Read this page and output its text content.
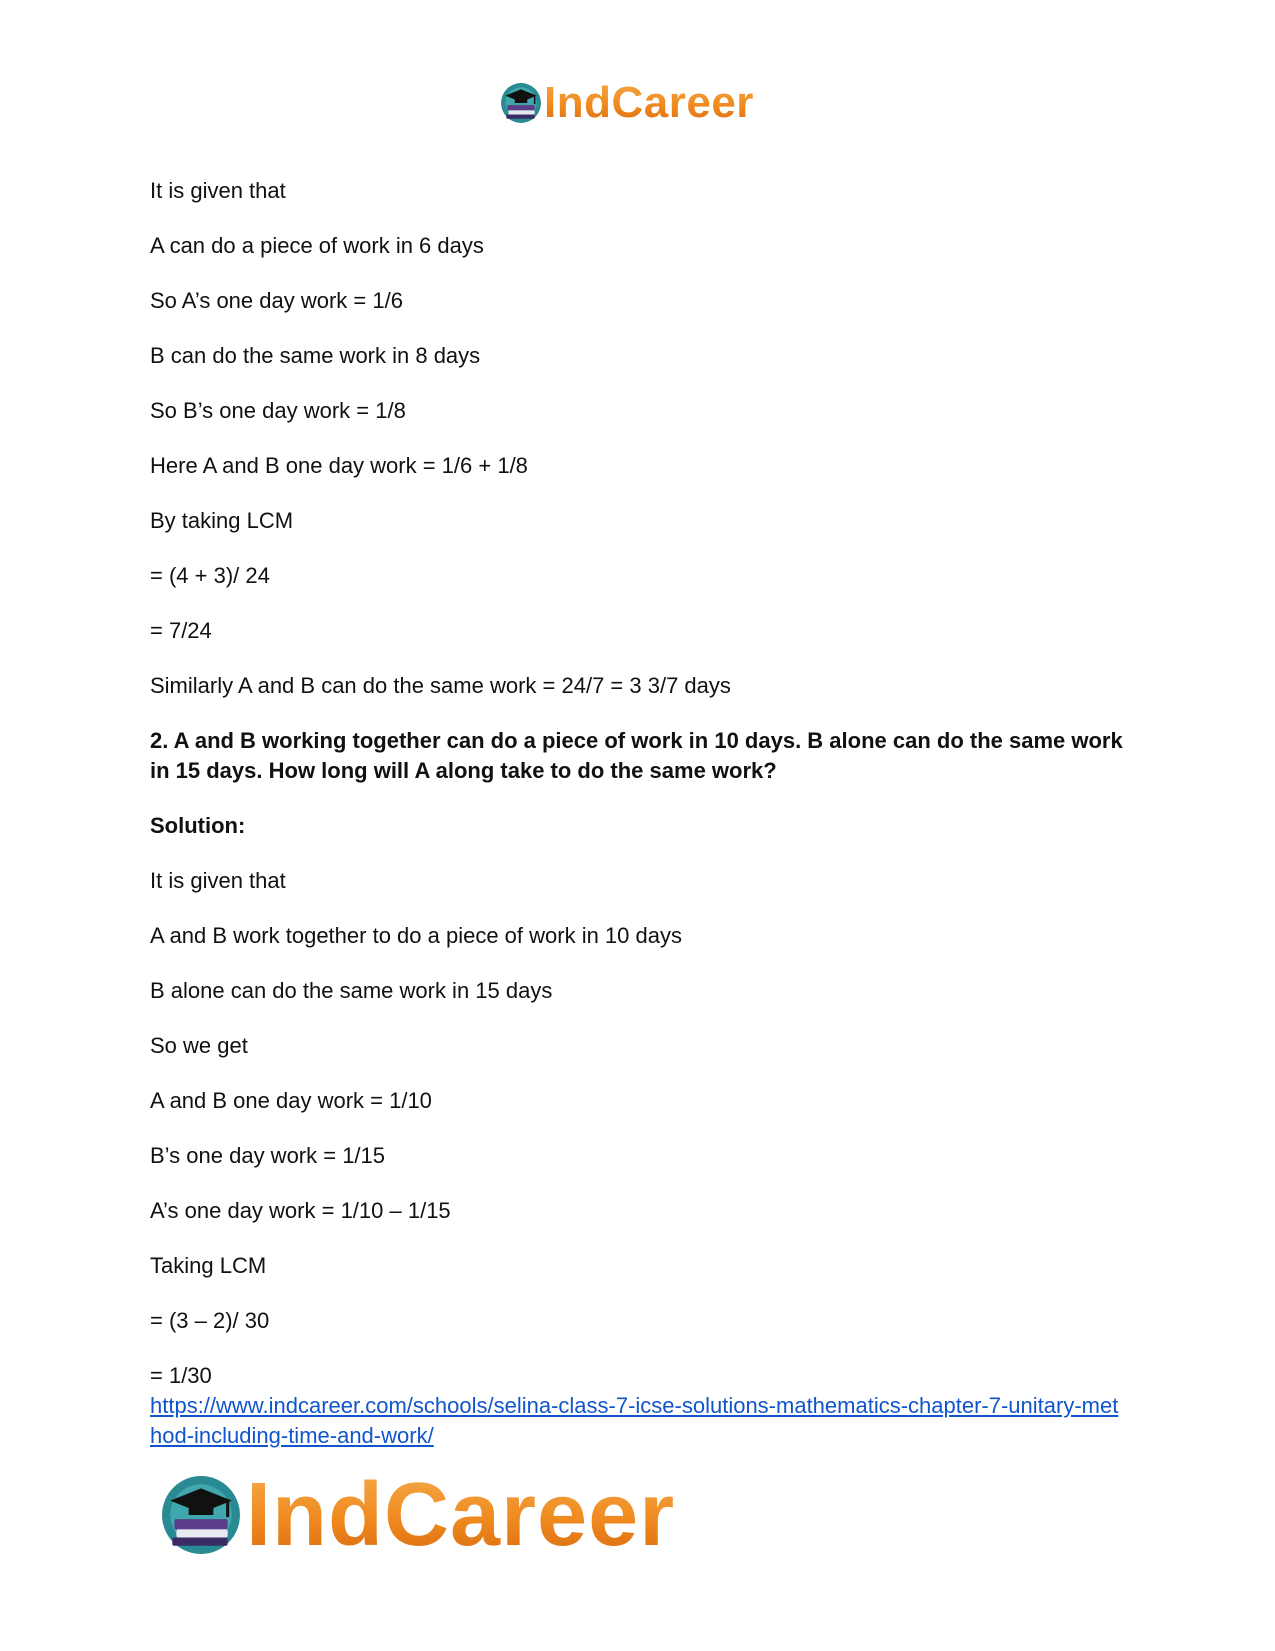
IndCareer
It is given that
A can do a piece of work in 6 days
So A’s one day work = 1/6
B can do the same work in 8 days
So B’s one day work = 1/8
Here A and B one day work = 1/6 + 1/8
By taking LCM
= (4 + 3)/ 24
= 7/24
Similarly A and B can do the same work = 24/7 = 3 3/7 days
2. A and B working together can do a piece of work in 10 days. B alone can do the same work in 15 days. How long will A along take to do the same work?
Solution:
It is given that
A and B work together to do a piece of work in 10 days
B alone can do the same work in 15 days
So we get
A and B one day work = 1/10
B’s one day work = 1/15
A’s one day work = 1/10 – 1/15
Taking LCM
= (3 – 2)/ 30
= 1/30
https://www.indcareer.com/schools/selina-class-7-icse-solutions-mathematics-chapter-7-unitary-method-including-time-and-work/
IndCareer
